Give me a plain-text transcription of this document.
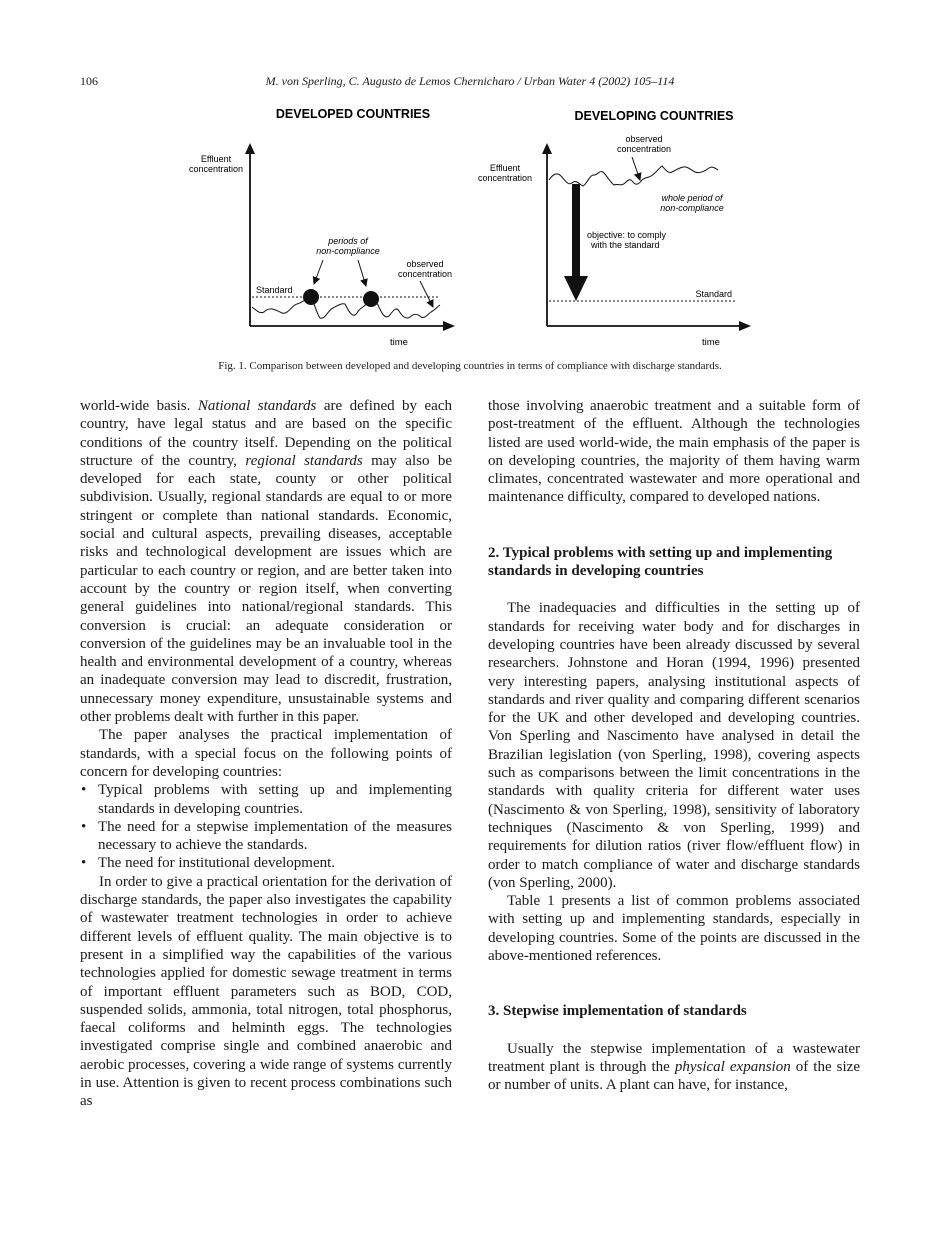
106	M. von Sperling, C. Augusto de Lemos Chernicharo / Urban Water 4 (2002) 105–114
DEVELOPED COUNTRIES
Effluent
concentration
time
Standard
periods of
non-compliance
observed
concentration
DEVELOPING COUNTRIES
Effluent
concentration
time
Standard
observed
concentration
whole period of
non-compliance
objective: to comply
with the standard
Fig. 1. Comparison between developed and developing countries in terms of compliance with discharge standards.

world-wide basis. National standards are defined by each country, have legal status and are based on the specific conditions of the country itself. Depending on the political structure of the country, regional standards may also be developed for each state, county or other political subdivision. Usually, regional standards are equal to or more stringent or complete than national standards. Economic, social and cultural aspects, prevailing diseases, acceptable risks and technological development are issues which are particular to each country or region, and are better taken into account by the country or region itself, when converting general guidelines into national/regional standards. This conversion is crucial: an adequate consideration or conversion of the guidelines may be an invaluable tool in the health and environmental development of a country, whereas an inadequate conversion may lead to discredit, frustration, unnecessary money expenditure, unsustainable systems and other problems dealt with further in this paper.

The paper analyses the practical implementation of standards, with a special focus on the following points of concern for developing countries:

• Typical problems with setting up and implementing standards in developing countries.
• The need for a stepwise implementation of the measures necessary to achieve the standards.
• The need for institutional development.

In order to give a practical orientation for the derivation of discharge standards, the paper also investigates the capability of wastewater treatment technologies in order to achieve different levels of effluent quality. The main objective is to present in a simplified way the capabilities of the various technologies applied for domestic sewage treatment in terms of important effluent parameters such as BOD, COD, suspended solids, ammonia, total nitrogen, total phosphorus, faecal coliforms and helminth eggs. The technologies investigated comprise single and combined anaerobic and aerobic processes, covering a wide range of systems currently in use. Attention is given to recent process combinations such as

those involving anaerobic treatment and a suitable form of post-treatment of the effluent. Although the technologies listed are used world-wide, the main emphasis of the paper is on developing countries, the majority of them having warm climates, concentrated wastewater and more operational and maintenance difficulty, compared to developed nations.

2. Typical problems with setting up and implementing standards in developing countries

The inadequacies and difficulties in the setting up of standards for receiving water body and for discharges in developing countries have been already discussed by several researchers. Johnstone and Horan (1994, 1996) presented very interesting papers, analysing institutional aspects of standards and river quality and comparing different scenarios for the UK and other developed and developing countries. Von Sperling and Nascimento have analysed in detail the Brazilian legislation (von Sperling, 1998), covering aspects such as comparisons between the limit concentrations in the standards with quality criteria for different water uses (Nascimento & von Sperling, 1998), sensitivity of laboratory techniques (Nascimento & von Sperling, 1999) and requirements for dilution ratios (river flow/effluent flow) in order to match compliance of water and discharge standards (von Sperling, 2000).

Table 1 presents a list of common problems associated with setting up and implementing standards, especially in developing countries. Some of the points are discussed in the above-mentioned references.

3. Stepwise implementation of standards

Usually the stepwise implementation of a wastewater treatment plant is through the physical expansion of the size or number of units. A plant can have, for instance,
